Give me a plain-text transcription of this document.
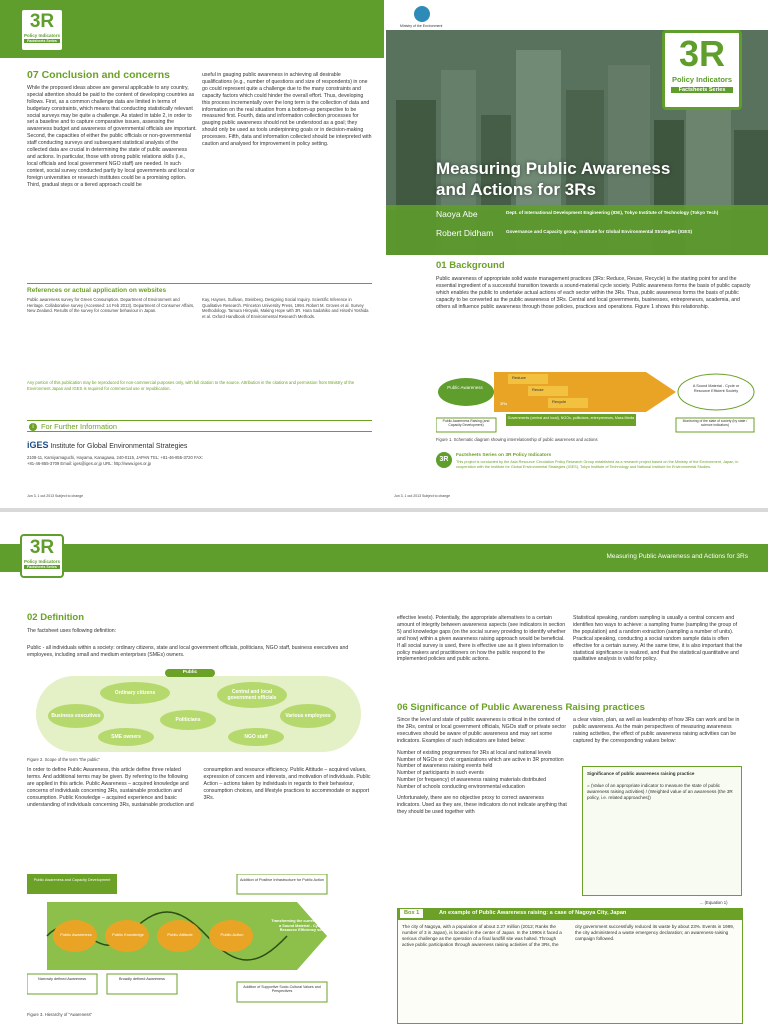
3R
Policy Indicators
Factsheets Series
07 Conclusion and concerns

While the proposed ideas above are general applicable to any country, special attention should be paid to the content of developing countries as follows. First, as a common challenge data are limited in terms of budgetary constraints, which means that conducting statistically relevant social surveys may be quite a challenge. As stated in table 2, in order to set a baseline and to capture comparative issues, assessing the awareness budget and awareness of governmental officials are important. Second, the capacities of either the public officials or non-governmental staff conducting surveys and subsequent statistical analysis of the collected data are crucial in determining the state of public awareness and actions. In particular, those with strong public relations skills (i.e., local officials and local government NGO staff) are needed. In such context, social survey conducted partly by local governments and local or foreign universities or research institutes could be a promising option. Third, gradual steps or a tiered approach could be

useful in gauging public awareness in achieving all desirable qualifications (e.g., number of questions and size of respondents) in one go could represent quite a challenge due to the many constraints and capacity factors which could hinder the overall effort. Thus, developing this process incrementally over the long term is the collection of data and information on the real situation from a bottom-up perspective to be measured first. Fourth, data and information collection processes for gauging public awareness should not be understood as a goal; they should only be used as tools underpinning goals or in decision-making processes. Fifth, data and information collected should be interpreted with caution and analysed for improvement in policy setting.

References or actual application on websites
Public awareness survey for Green Consumption. Department of Environment and Heritage. Collaborative survey (Accessed: 14 Feb 2013). Department of Consumer Affairs, New Zealand. Results of the survey for consumer behaviour in Japan.
Kay, Haynes, Sullivan, Steinberg. Designing Social Inquiry. Scientific Inference in Qualitative Research. Princeton University Press, 1994. Robert M. Groves et al. Survey Methodology. Tamura Hiroyuki, Making Hope with 3R. Hara Sadahiko and Hiroshi Yoshida et al. Oxford Handbook of Environmental Research Methods.
Any portion of this publication may be reproduced for non-commercial purposes only, with full citation to the source. Attribution in the citations and permission from Ministry of the Environment Japan and IGES is required for commercial use or republication.
i For Further Information
iGES Institute for Global Environmental Strategies
2108-11, Kamiyamaguchi, Hayama, Kanagawa, 240-0115, JAPAN TEL: +81-46-855-3720 FAX: +81-46-855-3709 Email: iges@iges.or.jp URL: http://www.iges.or.jp
Jun 3, 1 out 2013 Subject to change
Ministry of the Environment
3R
Policy Indicators
Factsheets Series
Measuring Public Awareness
and Actions for 3Rs
Naoya Abe	Dept. of International Development Engineering (IDE), Tokyo Institute of Technology (Tokyo Tech)
Robert Didham	Governance and Capacity group, Institute for Global Environmental Strategies (IGES)
01 Background

Public awareness of appropriate solid waste management practices (3Rs: Reduce, Reuse, Recycle) is the starting point for and the essential ingredient of a successful transition towards a sound-material cycle society. Public awareness forms the basis of public capacity which enables the public to undertake actual actions of each sector within the 3Rs. Thus, public awareness forms the basis of public capacity to be converted as the public awareness of 3Rs. Central and local governments, businesses, entrepreneurs, academia, and others all influence public awareness through those policies, practices and operations. Figure 1 shows this relationship.

Public Awareness
Reduce
Reuse
Recycle
3Rs
A Sound Material - Cycle or Resource Efficient Society
Governments (central and local), NGOs, politicians, entrepreneurs, Mass Media
Public Awareness Raising (and Capacity Development)
Monitoring of the state of society (by state / science indicators)
Figure 1. Schematic diagram showing interrelationship of public awareness and actions
3R
Factsheets Series on 3R Policy Indicators
This project is conducted by the Asia Resource Circulation Policy Research Group established as a research project based on the Ministry of the Environment, Japan, in cooperation with the Institute for Global Environmental Strategies (IGES), Tokyo Institute of Technology and National Institute for Environmental Studies.
Jun 3, 1 out 2013 Subject to change
3R
Policy Indicators
Factsheets Series
Measuring Public Awareness and Actions for 3Rs
02 Definition

The factsheet uses following definition:

Public - all individuals within a society: ordinary citizens, state and local government officials, politicians, NGO staff, business executives and employees, including small and medium enterprises (SMEs) owners.
Public
Ordinary citizens	Central and local government officials
Business executives
Politicians
Various employees
SME owners	NGO staff
Figure 2. Scope of the term "the public"
In order to define Public Awareness, this article define three related terms. And additional terms may be given. By referring to the following are applied in this article. Public Awareness – acquired knowledge and concerns of individuals concerning 3Rs, sustainable production and consumption. Public Knowledge – acquired experience and basic understanding of individuals concerning 3Rs, sustainable production and consumption and resource efficiency. Public Attitude – acquired values, expression of concern and interests, and motivation of individuals. Public Action – actions taken by individuals in regards to their behaviour, consumption choices, and lifestyle practices to accommodate or support 3Rs.
Public Awareness and Capacity Development	Addition of Positive Infrastructure for Public Action
Public Awareness	Public Knowledge	Public Attitude	Public Action
Transforming the current society into a Sound Material - Cycle and Resource Efficiency society
Narrowly defined Awareness	Broadly defined Awareness
Addition of Supportive Socio-Cultural Values and Perspectives
Figure 3. Hierarchy of "Awareness"
effective levels). Potentially, the appropriate alternatives to a certain amount of integrity between awareness aspects (see indicators in section 5) and knowledge gaps (on the social survey providing to identify whether and how) within a given awareness raising approach would be beneficial. If all social survey is used, there is effective use as it gives information to policy makers and practitioners on how the public respond to the implemented policies and public actions.
Statistical speaking, random sampling is usually a central concern and identifies two ways to achieve: a sampling frame (sampling the group of the population) and a random extraction (sampling a number of units). Practical speaking, conducting a social random sample data is often effective for a certain survey. At the same time, it is also important that the statistical significance is realized, and that the statistical quantitative and qualitative analysis is valid for policy.
06 Significance of Public Awareness Raising practices

Since the level and state of public awareness is critical in the context of the 3Rs, central or local government officials, NGOs staff or private sector executives should be aware of public awareness and may set some indicators. Examples of such indicators are listed below:

Number of existing programmes for 3Rs at local and national levels
Number of NGOs or civic organizations which are active in 3R promotion
Number of awareness raising events held
Number of participants in such events
Number (or frequency) of awareness raising materials distributed
Number of schools conducting environmental education

Unfortunately, there are no objective proxy to correct awareness indicators. Used as they are, these indicators do not indicate anything that they should be used together with

a clear vision, plan, as well as leadership of how 3Rs can work and be in public awareness. As the main perspectives of measuring awareness raising activities, the effect of public awareness raising activities can be captured by the corresponding values below:
Significance of public awareness raising practice
= (Value of an appropriate indicator to measure the state of public awareness raising activities) / (Weighted value of an awareness (the 3R policy, i.e. related approaches))
... (Equation 1)
Box 1	An example of Public Awareness raising: a case of Nagoya City, Japan
The city of Nagoya, with a population of about 2.27 million (2012; Ranks the number of 3 in Japan), is located in the center of Japan. In the 1990s it faced a serious challenge as the operation of a final landfill site was halted. Through active public participation through awareness raising activities of the 3Rs, the city government successfully reduced its waste by about 23%. Events in 1999, the city administered a waste emergency declaration; an awareness-raising campaign followed.
